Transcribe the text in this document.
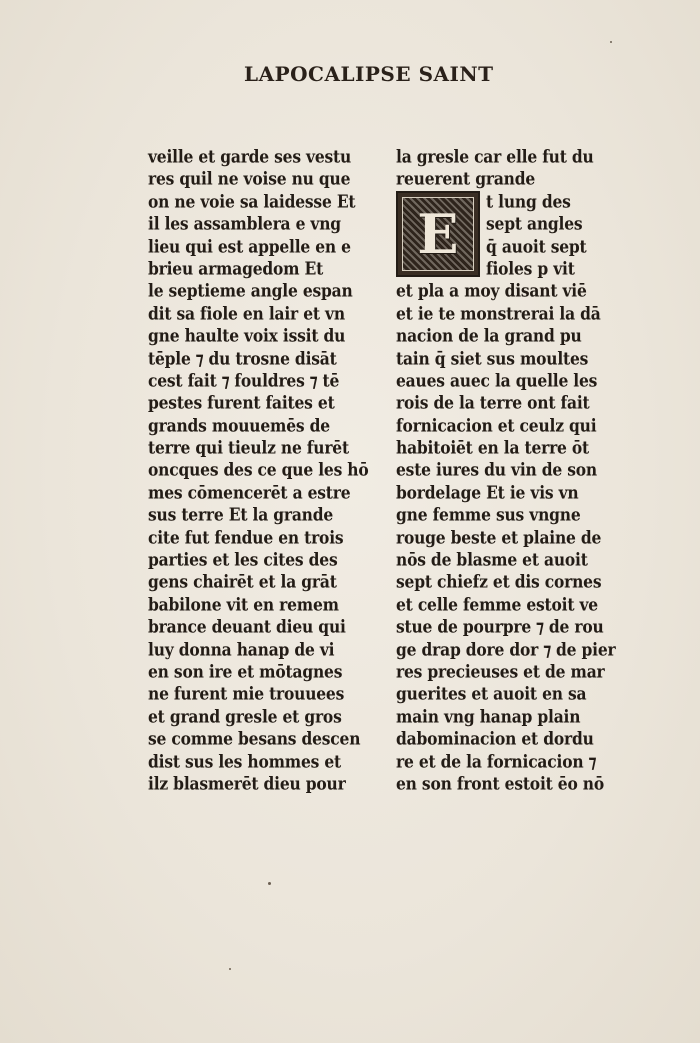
LAPOCALIPSE SAINT
veille et garde ses vestu
res quil ne voise nu que
on ne voie sa laidesse Et
il les assamblera e vng
lieu qui est appelle en e
brieu armagedom Et
le septieme angle espan
dit sa fiole en lair et vn
gne haulte voix issit du
tēple ⁊ du trosne disāt
cest fait ⁊ fouldres ⁊ tē
pestes furent faites et
grands mouuemēs de
terre qui tieulz ne furēt
oncques des ce que les hō
mes cōmencerēt a estre
sus terre Et la grande
cite fut fendue en trois
parties et les cites des
gens chairēt et la grāt
babilone vit en remem
brance deuant dieu qui
luy donna hanap de vi
en son ire et mōtagnes
ne furent mie trouuees
et grand gresle et gros
se comme besans descen
dist sus les hommes et
ilz blasmerēt dieu pour
E
la gresle car elle fut du
reuerent grande
t lung des
sept angles
q̄ auoit sept
fioles p vit
et pla a moy disant viē
et ie te monstrerai la dā
nacion de la grand pu
tain q̄ siet sus moultes
eaues auec la quelle les
rois de la terre ont fait
fornicacion et ceulz qui
habitoiēt en la terre ōt
este iures du vin de son
bordelage Et ie vis vn
gne femme sus vngne
rouge beste et plaine de
nōs de blasme et auoit
sept chiefz et dis cornes
et celle femme estoit ve
stue de pourpre ⁊ de rou
ge drap dore dor ⁊ de pier
res precieuses et de mar
guerites et auoit en sa
main vng hanap plain
dabominacion et dordu
re et de la fornicacion ⁊
en son front estoit ēo nō
